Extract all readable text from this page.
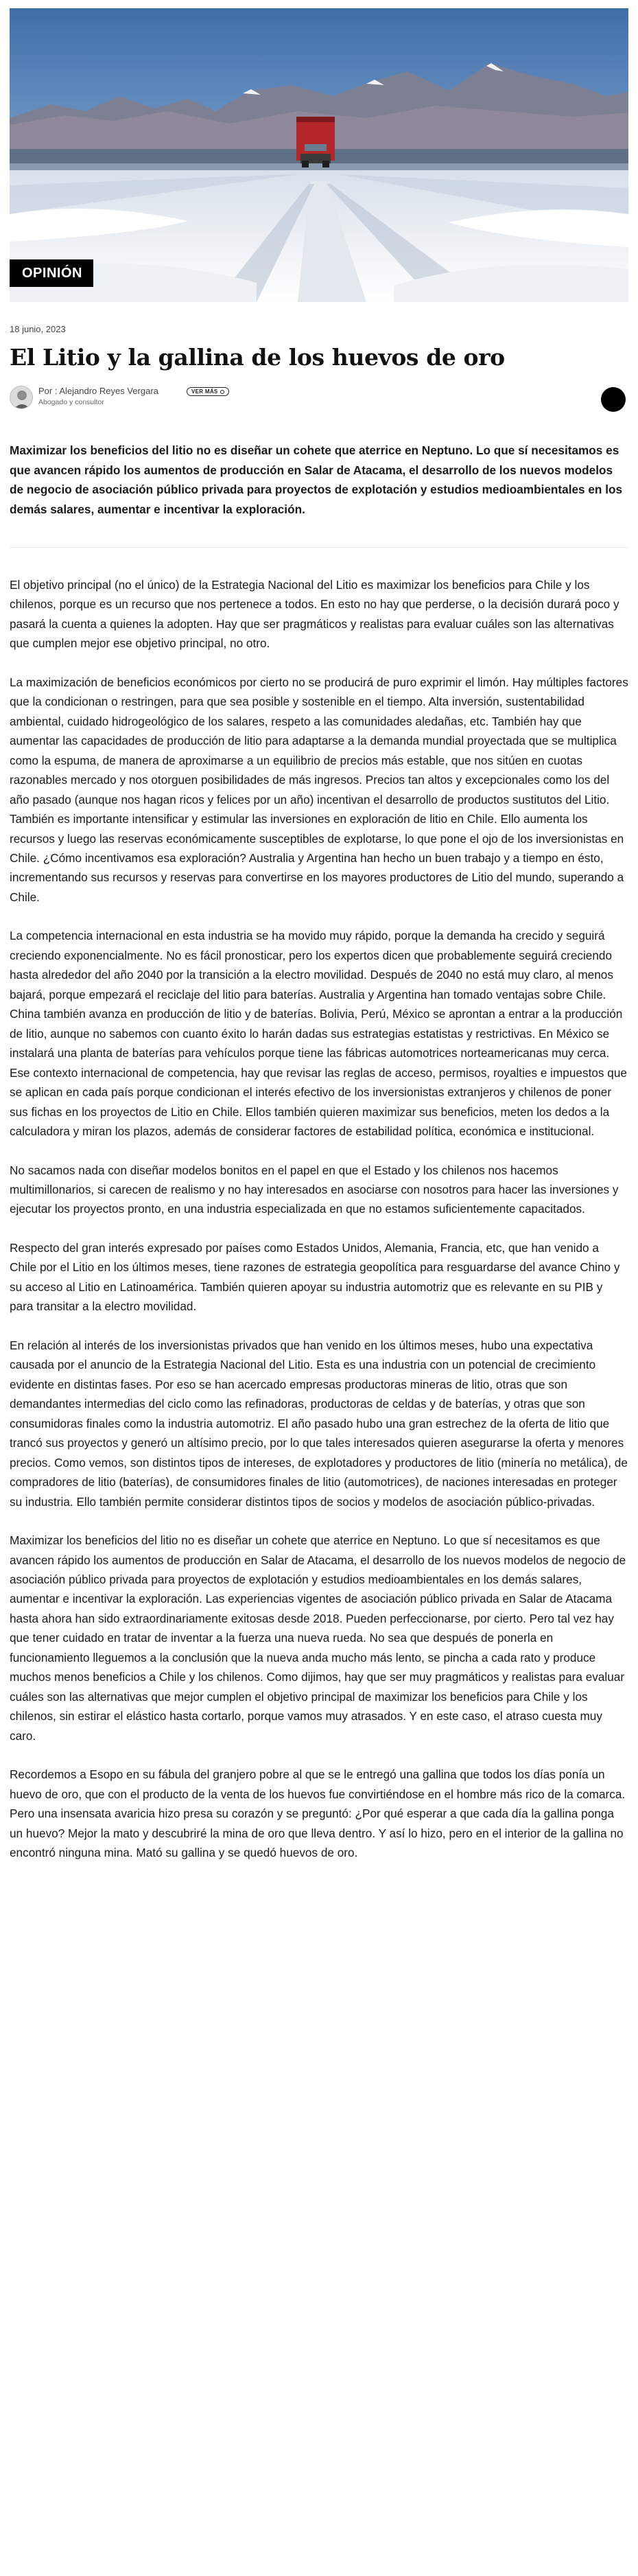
OPINIÓN
18 junio, 2023
El Litio y la gallina de los huevos de oro
Por : Alejandro Reyes Vergara
Abogado y consultor
VER MÁS

Maximizar los beneficios del litio no es diseñar un cohete que aterrice en Neptuno. Lo que sí necesitamos es que avancen rápido los aumentos de producción en Salar de Atacama, el desarrollo de los nuevos modelos de negocio de asociación público privada para proyectos de explotación y estudios medioambientales en los demás salares, aumentar e incentivar la exploración.

El objetivo principal (no el único) de la Estrategia Nacional del Litio es maximizar los beneficios para Chile y los chilenos, porque es un recurso que nos pertenece a todos. En esto no hay que perderse, o la decisión durará poco y pasará la cuenta a quienes la adopten. Hay que ser pragmáticos y realistas para evaluar cuáles son las alternativas que cumplen mejor ese objetivo principal, no otro.

La maximización de beneficios económicos por cierto no se producirá de puro exprimir el limón. Hay múltiples factores que la condicionan o restringen, para que sea posible y sostenible en el tiempo. Alta inversión, sustentabilidad ambiental, cuidado hidrogeológico de los salares, respeto a las comunidades aledañas, etc. También hay que aumentar las capacidades de producción de litio para adaptarse a la demanda mundial proyectada que se multiplica como la espuma, de manera de aproximarse a un equilibrio de precios más estable, que nos sitúen en cuotas razonables mercado y nos otorguen posibilidades de más ingresos. Precios tan altos y excepcionales como los del año pasado (aunque nos hagan ricos y felices por un año) incentivan el desarrollo de productos sustitutos del Litio. También es importante intensificar y estimular las inversiones en exploración de litio en Chile. Ello aumenta los recursos y luego las reservas económicamente susceptibles de explotarse, lo que pone el ojo de los inversionistas en Chile. ¿Cómo incentivamos esa exploración? Australia y Argentina han hecho un buen trabajo y a tiempo en ésto, incrementando sus recursos y reservas para convertirse en los mayores productores de Litio del mundo, superando a Chile.

La competencia internacional en esta industria se ha movido muy rápido, porque la demanda ha crecido y seguirá creciendo exponencialmente. No es fácil pronosticar, pero los expertos dicen que probablemente seguirá creciendo hasta alrededor del año 2040 por la transición a la electro movilidad. Después de 2040 no está muy claro, al menos bajará, porque empezará el reciclaje del litio para baterías. Australia y Argentina han tomado ventajas sobre Chile. China también avanza en producción de litio y de baterías. Bolivia, Perú, México se aprontan a entrar a la producción de litio, aunque no sabemos con cuanto éxito lo harán dadas sus estrategias estatistas y restrictivas. En México se instalará una planta de baterías para vehículos porque tiene las fábricas automotrices norteamericanas muy cerca. Ese contexto internacional de competencia, hay que revisar las reglas de acceso, permisos, royalties e impuestos que se aplican en cada país porque condicionan el interés efectivo de los inversionistas extranjeros y chilenos de poner sus fichas en los proyectos de Litio en Chile. Ellos también quieren maximizar sus beneficios, meten los dedos a la calculadora y miran los plazos, además de considerar factores de estabilidad política, económica e institucional.

No sacamos nada con diseñar modelos bonitos en el papel en que el Estado y los chilenos nos hacemos multimillonarios, si carecen de realismo y no hay interesados en asociarse con nosotros para hacer las inversiones y ejecutar los proyectos pronto, en una industria especializada en que no estamos suficientemente capacitados.

Respecto del gran interés expresado por países como Estados Unidos, Alemania, Francia, etc, que han venido a Chile por el Litio en los últimos meses, tiene razones de estrategia geopolítica para resguardarse del avance Chino y su acceso al Litio en Latinoamérica. También quieren apoyar su industria automotriz que es relevante en su PIB y para transitar a la electro movilidad.

En relación al interés de los inversionistas privados que han venido en los últimos meses, hubo una expectativa causada por el anuncio de la Estrategia Nacional del Litio. Esta es una industria con un potencial de crecimiento evidente en distintas fases. Por eso se han acercado empresas productoras mineras de litio, otras que son demandantes intermedias del ciclo como las refinadoras, productoras de celdas y de baterías, y otras que son consumidoras finales como la industria automotriz. El año pasado hubo una gran estrechez de la oferta de litio que trancó sus proyectos y generó un altísimo precio, por lo que tales interesados quieren asegurarse la oferta y menores precios. Como vemos, son distintos tipos de intereses, de explotadores y productores de litio (minería no metálica), de compradores de litio (baterías), de consumidores finales de litio (automotrices), de naciones interesadas en proteger su industria. Ello también permite considerar distintos tipos de socios y modelos de asociación público-privadas.

Maximizar los beneficios del litio no es diseñar un cohete que aterrice en Neptuno. Lo que sí necesitamos es que avancen rápido los aumentos de producción en Salar de Atacama, el desarrollo de los nuevos modelos de negocio de asociación público privada para proyectos de explotación y estudios medioambientales en los demás salares, aumentar e incentivar la exploración. Las experiencias vigentes de asociación público privada en Salar de Atacama hasta ahora han sido extraordinariamente exitosas desde 2018. Pueden perfeccionarse, por cierto. Pero tal vez hay que tener cuidado en tratar de inventar a la fuerza una nueva rueda. No sea que después de ponerla en funcionamiento lleguemos a la conclusión que la nueva anda mucho más lento, se pincha a cada rato y produce muchos menos beneficios a Chile y los chilenos. Como dijimos, hay que ser muy pragmáticos y realistas para evaluar cuáles son las alternativas que mejor cumplen el objetivo principal de maximizar los beneficios para Chile y los chilenos, sin estirar el elástico hasta cortarlo, porque vamos muy atrasados. Y en este caso, el atraso cuesta muy caro.

Recordemos a Esopo en su fábula del granjero pobre al que se le entregó una gallina que todos los días ponía un huevo de oro, que con el producto de la venta de los huevos fue convirtiéndose en el hombre más rico de la comarca. Pero una insensata avaricia hizo presa su corazón y se preguntó: ¿Por qué esperar a que cada día la gallina ponga un huevo? Mejor la mato y descubriré la mina de oro que lleva dentro. Y así lo hizo, pero en el interior de la gallina no encontró ninguna mina. Mató su gallina y se quedó huevos de oro.
